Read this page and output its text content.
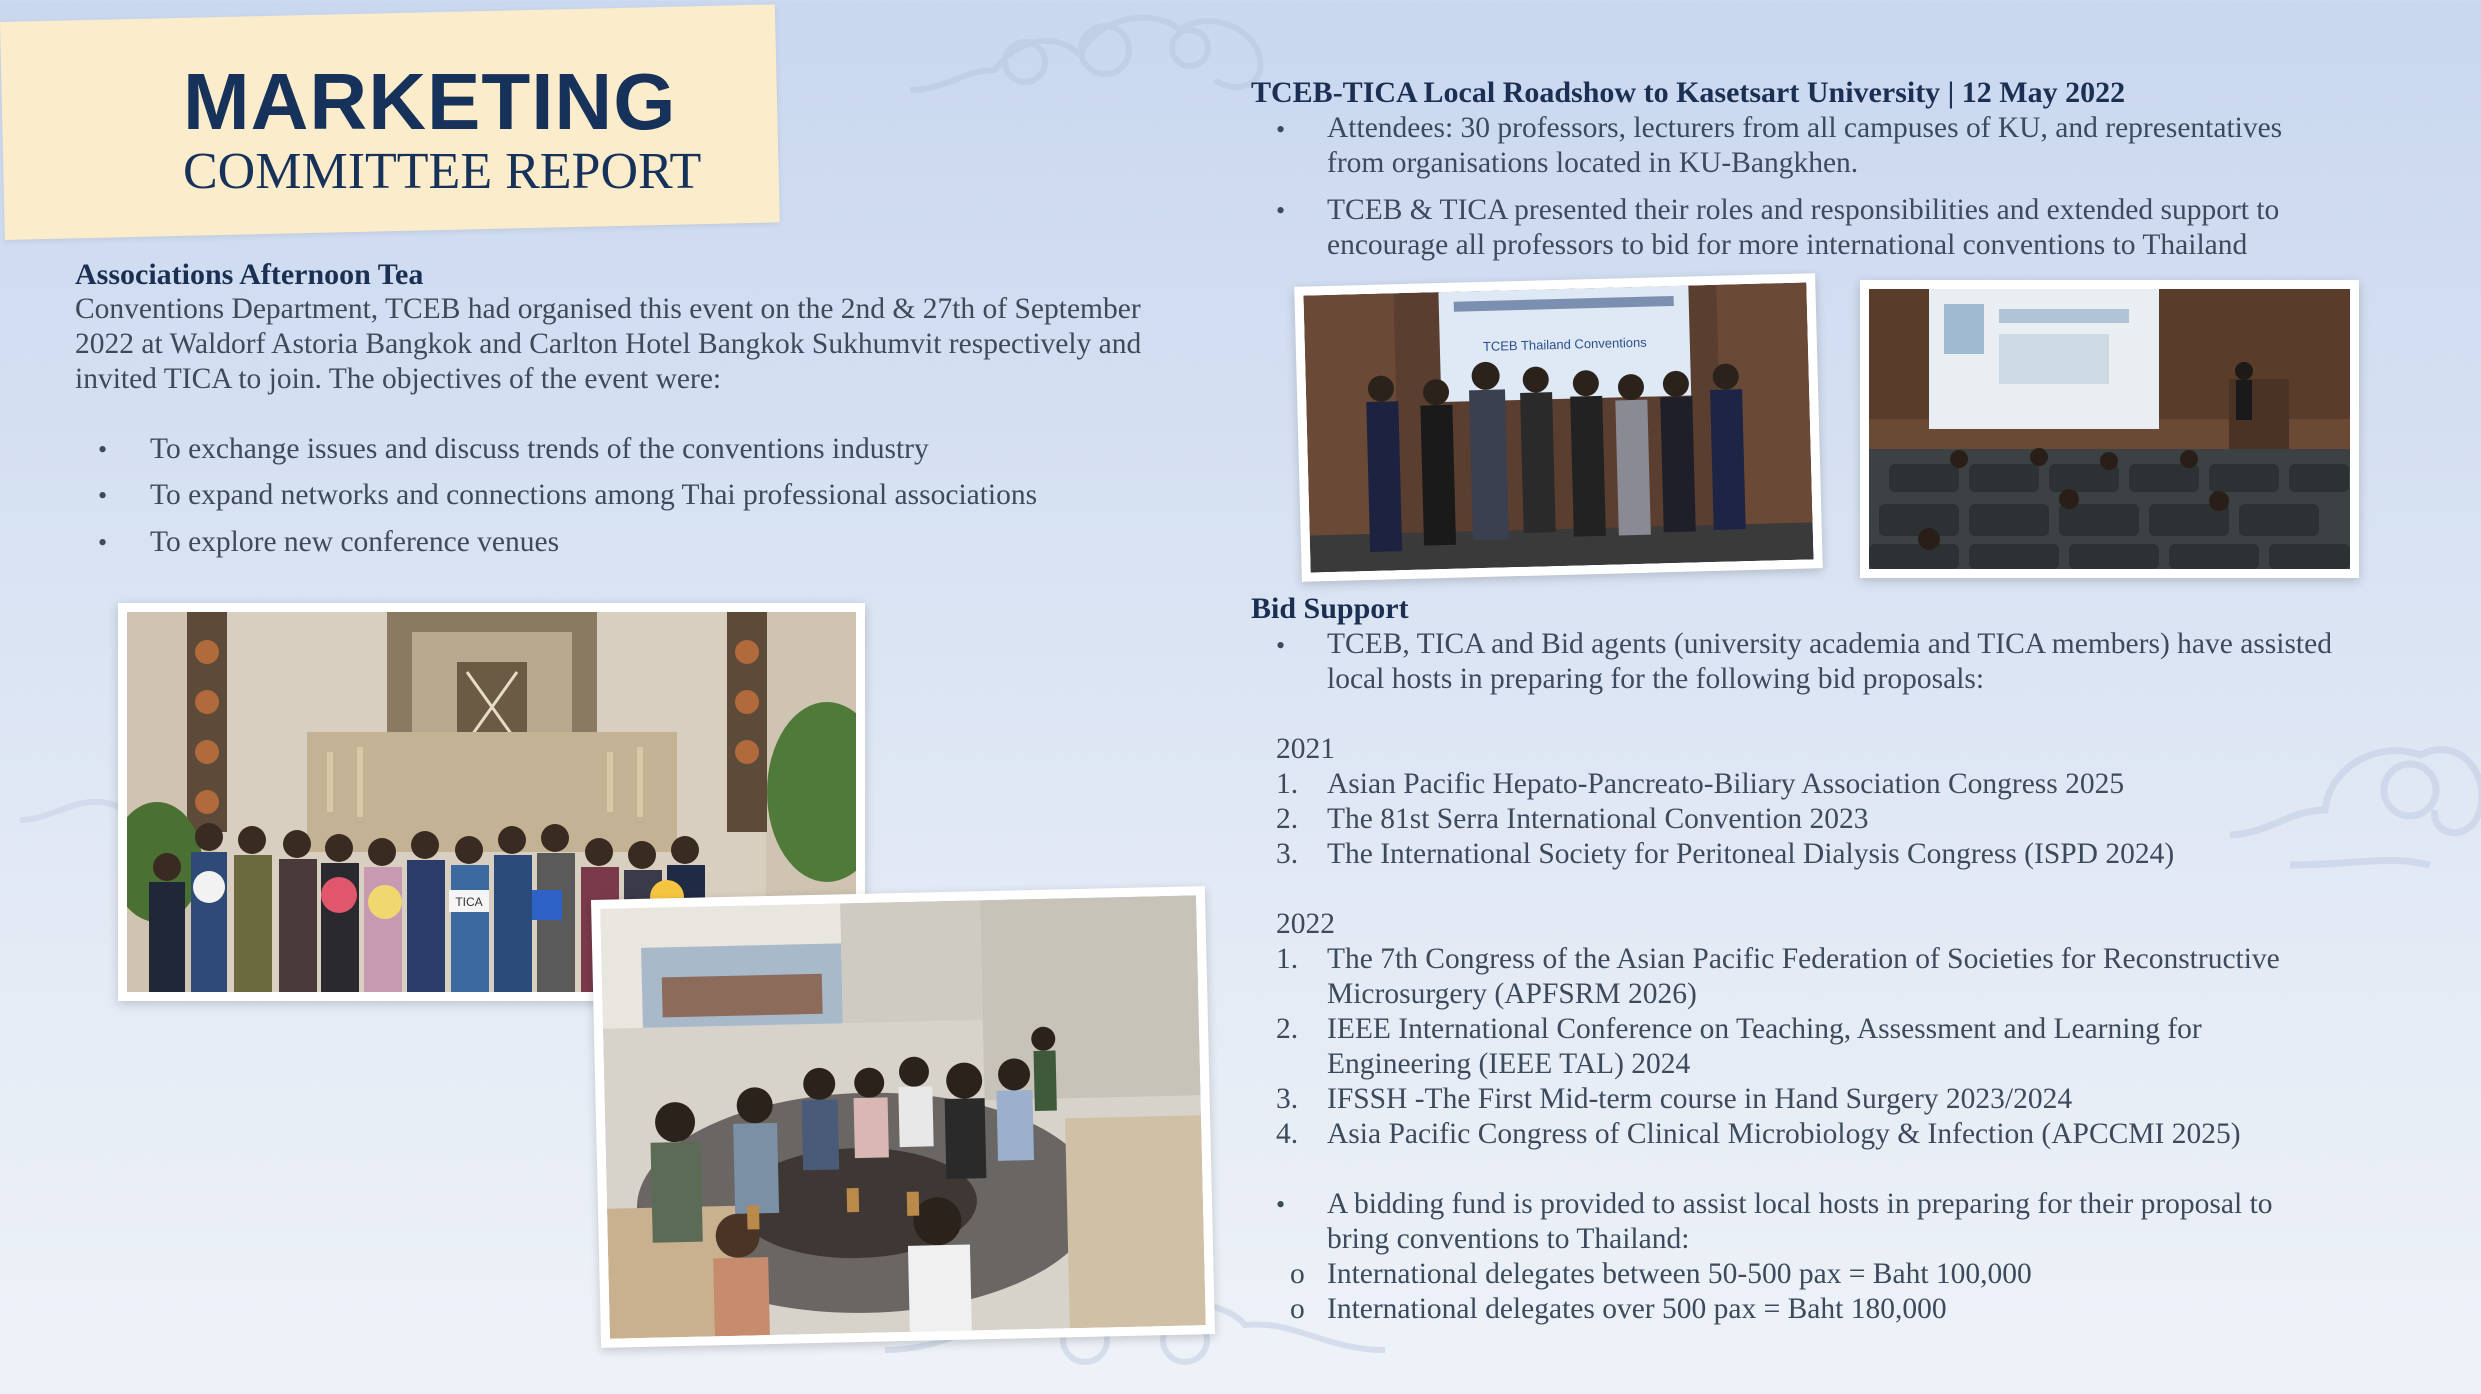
MARKETING
COMMITTEE REPORT
Associations Afternoon Tea
Conventions Department, TCEB had organised this event on the 2nd & 27th of September
2022 at Waldorf Astoria Bangkok and Carlton Hotel Bangkok Sukhumvit respectively and
invited TICA to join. The objectives of the event were:
• To exchange issues and discuss trends of the conventions industry
• To expand networks and connections among Thai professional associations
• To explore new conference venues
TICA
TCEB-TICA Local Roadshow to Kasetsart University | 12 May 2022
• Attendees: 30 professors, lecturers from all campuses of KU, and representatives
from organisations located in KU-Bangkhen.
• TCEB & TICA presented their roles and responsibilities and extended support to
encourage all professors to bid for more international conventions to Thailand
TCEB Thailand Conventions
Bid Support
• TCEB, TICA and Bid agents (university academia and TICA members) have assisted
local hosts in preparing for the following bid proposals:
2021
1. Asian Pacific Hepato-Pancreato-Biliary Association Congress 2025
2. The 81st Serra International Convention 2023
3. The International Society for Peritoneal Dialysis Congress (ISPD 2024)
2022
1. The 7th Congress of the Asian Pacific Federation of Societies for Reconstructive
Microsurgery (APFSRM 2026)
2. IEEE International Conference on Teaching, Assessment and Learning for
Engineering (IEEE TAL) 2024
3. IFSSH -The First Mid-term course in Hand Surgery 2023/2024
4. Asia Pacific Congress of Clinical Microbiology & Infection (APCCMI 2025)
• A bidding fund is provided to assist local hosts in preparing for their proposal to
bring conventions to Thailand:
o International delegates between 50-500 pax = Baht 100,000
o International delegates over 500 pax = Baht 180,000
